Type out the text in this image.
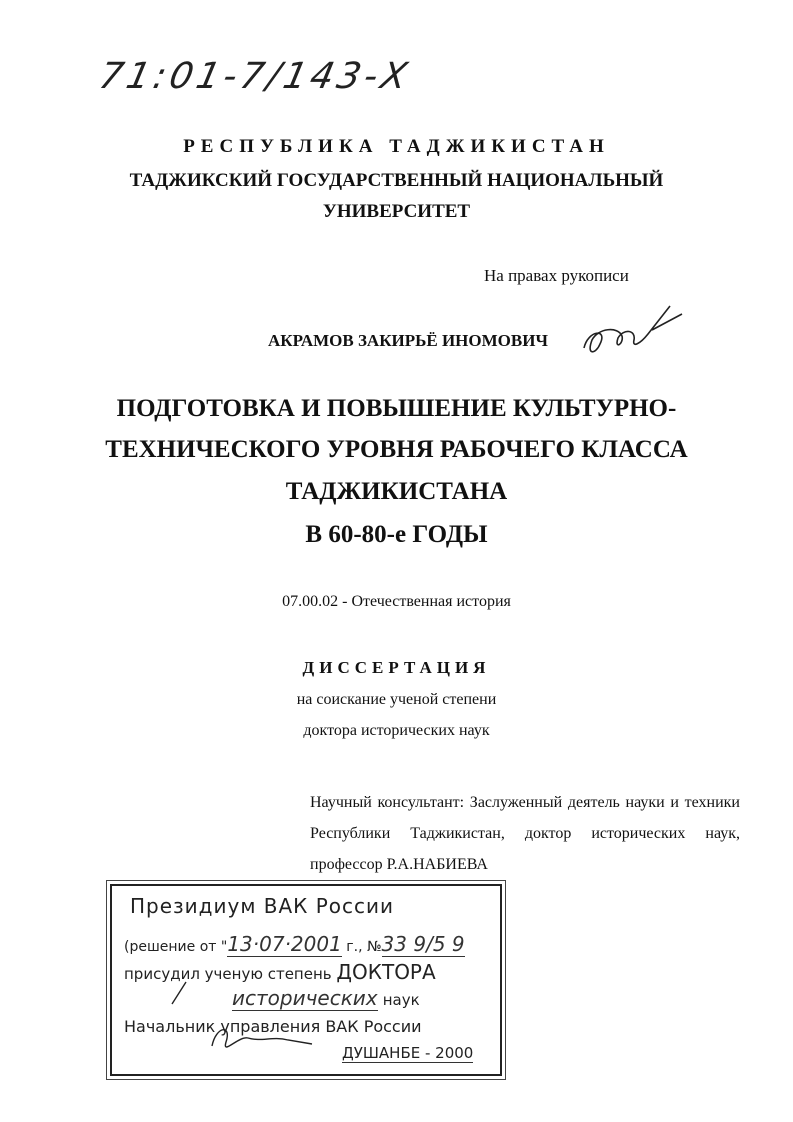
71:01-7/143-Х
РЕСПУБЛИКА ТАДЖИКИСТАН
ТАДЖИКСКИЙ ГОСУДАРСТВЕННЫЙ НАЦИОНАЛЬНЫЙ
УНИВЕРСИТЕТ
На правах рукописи
АКРАМОВ ЗАКИРЬЁ ИНОМОВИЧ
ПОДГОТОВКА И ПОВЫШЕНИЕ КУЛЬТУРНО-
ТЕХНИЧЕСКОГО УРОВНЯ РАБОЧЕГО КЛАССА
ТАДЖИКИСТАНА
В 60-80-е ГОДЫ
07.00.02 - Отечественная история
ДИССЕРТАЦИЯ
на соискание ученой степени
доктора исторических наук
Научный консультант: Заслуженный деятель науки и техники Республики Таджикистан, доктор исторических наук, профессор Р.А.НАБИЕВА
Президиум ВАК России
(решение от "13·07·2001 г., №33 9/5 9
присудил ученую степень ДОКТОРА
исторических наук
Начальник управления ВАК России
ДУШАНБЕ - 2000
